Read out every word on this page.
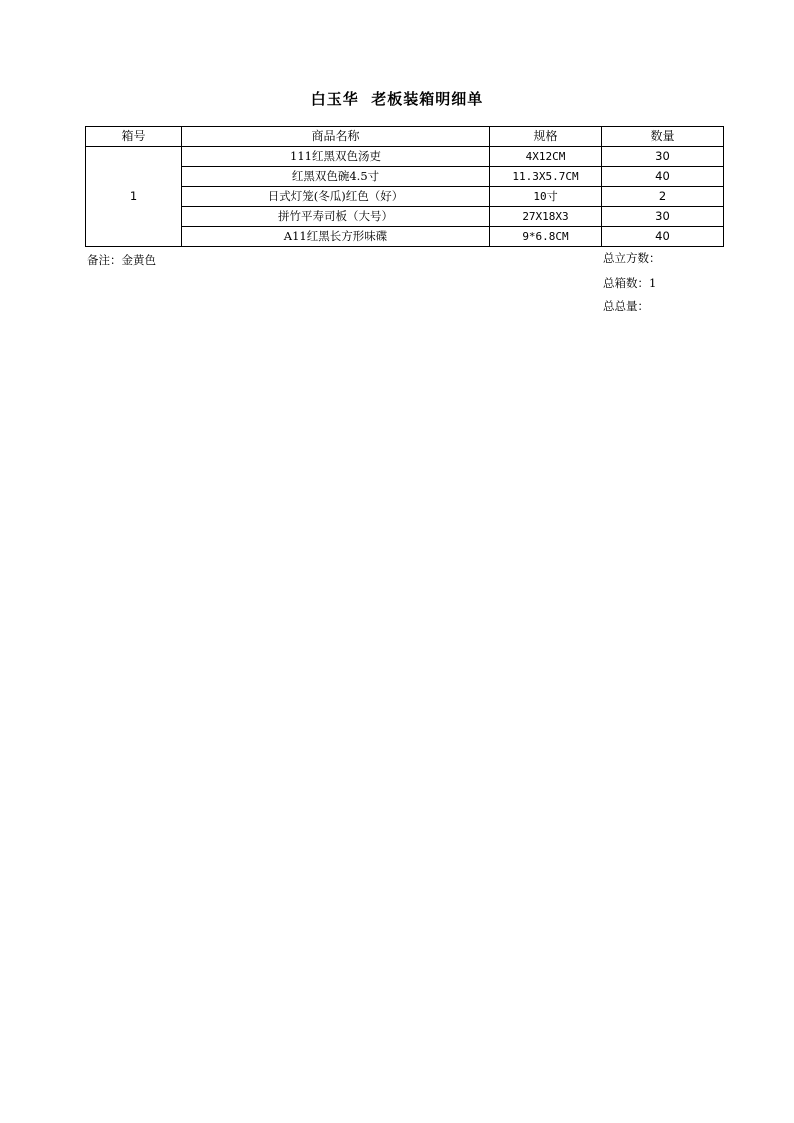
白玉华  老板装箱明细单
箱号	商品名称	规格	数量
1	111红黑双色汤吏	4X12CM	30
	红黑双色碗4.5寸	11.3X5.7CM	40
	日式灯笼(冬瓜)红色（好）	10寸	2
	拼竹平寿司板（大号）	27X18X3	30
	A11红黑长方形味碟	9*6.8CM	40
备注：金黄色	总立方数：
总箱数：1
总总量：
